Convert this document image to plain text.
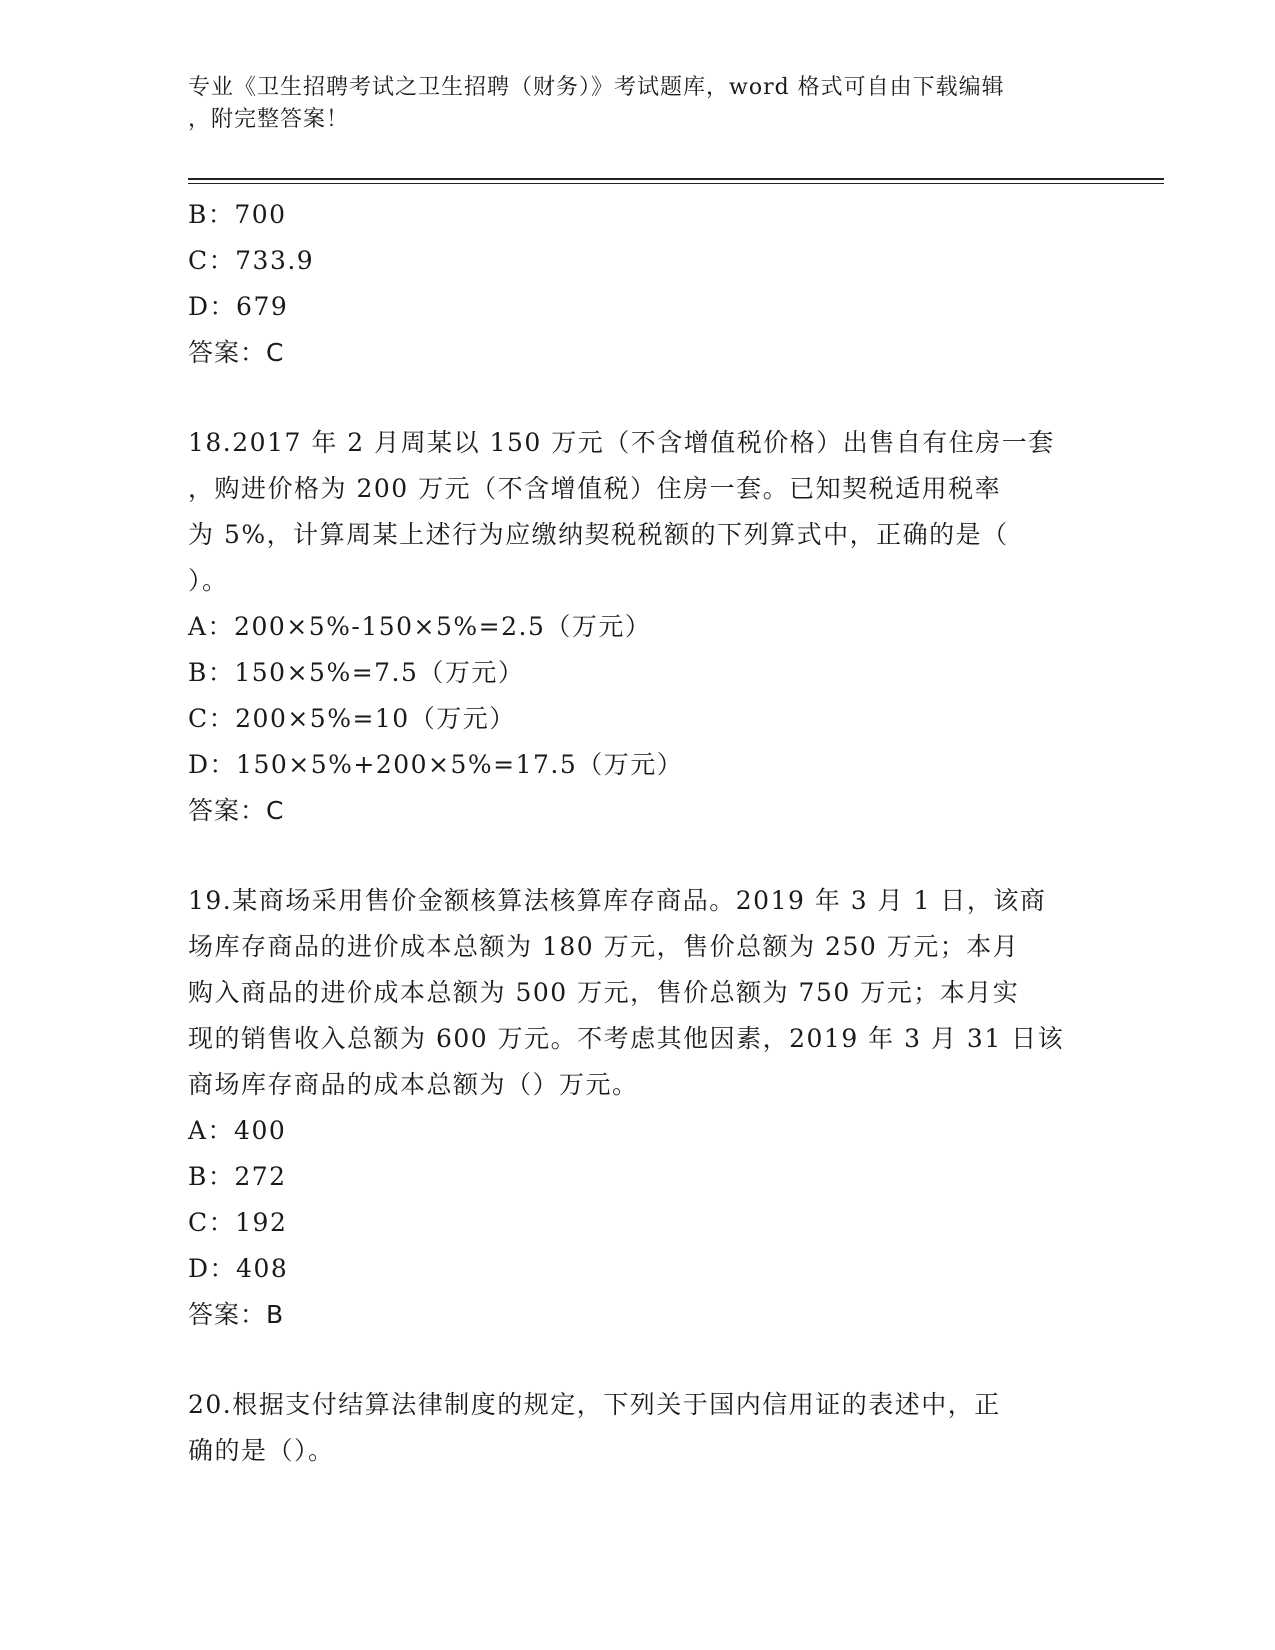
专业《卫生招聘考试之卫生招聘（财务）》考试题库，word 格式可自由下载编辑
，附完整答案！
B：700
C：733.9
D：679
答案：C
18.2017 年 2 月周某以 150 万元（不含增值税价格）出售自有住房一套
，购进价格为 200 万元（不含增值税）住房一套。已知契税适用税率
为 5%，计算周某上述行为应缴纳契税税额的下列算式中，正确的是（
）。
A：200×5%-150×5%=2.5（万元）
B：150×5%=7.5（万元）
C：200×5%=10（万元）
D：150×5%+200×5%=17.5（万元）
答案：C
19.某商场采用售价金额核算法核算库存商品。2019 年 3 月 1 日，该商
场库存商品的进价成本总额为 180 万元，售价总额为 250 万元；本月
购入商品的进价成本总额为 500 万元，售价总额为 750 万元；本月实
现的销售收入总额为 600 万元。不考虑其他因素，2019 年 3 月 31 日该
商场库存商品的成本总额为（）万元。
A：400
B：272
C：192
D：408
答案：B
20.根据支付结算法律制度的规定，下列关于国内信用证的表述中，正
确的是（）。
